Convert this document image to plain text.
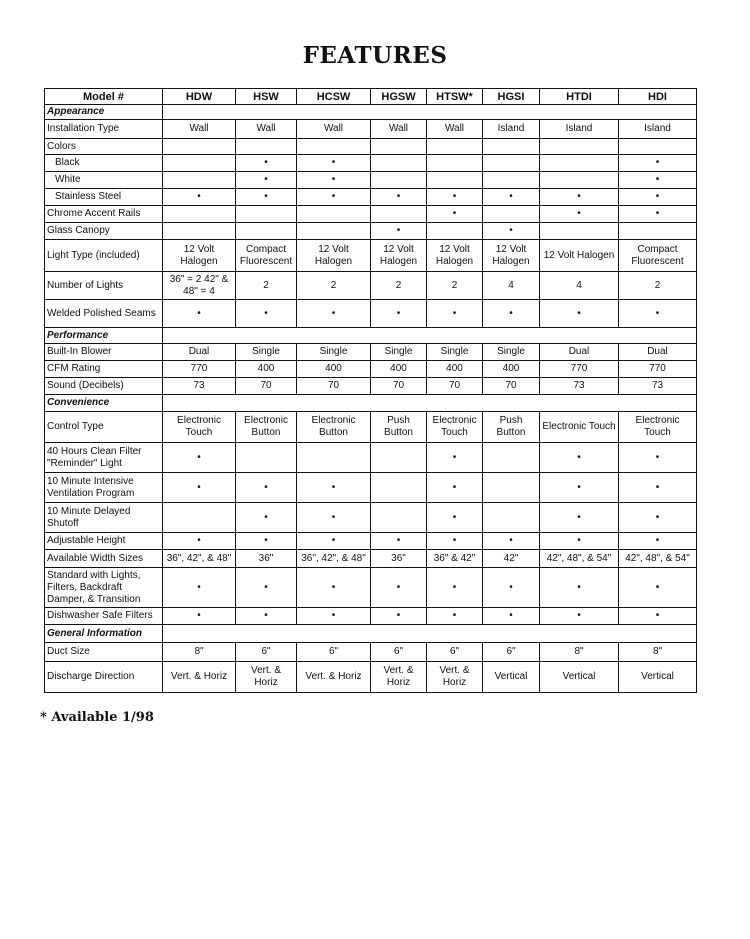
FEATURES
Model #	HDW	HSW	HCSW	HGSW	HTSW*	HGSI	HTDI	HDI
Appearance								
Installation Type	Wall	Wall	Wall	Wall	Wall	Island	Island	Island
Colors								
Black		•	•					•
White		•	•					•
Stainless Steel	•	•	•	•	•	•	•	•
Chrome Accent Rails					•		•	•
Glass Canopy				•		•		
Light Type (included)	12 Volt Halogen	Compact Fluorescent	12 Volt Halogen	12 Volt Halogen	12 Volt Halogen	12 Volt Halogen	12 Volt Halogen	Compact Fluorescent
Number of Lights	36" = 2 42" & 48" = 4	2	2	2	2	4	4	2
Welded Polished Seams	•	•	•	•	•	•	•	•
Performance								
Built-In Blower	Dual	Single	Single	Single	Single	Single	Dual	Dual
CFM Rating	770	400	400	400	400	400	770	770
Sound (Decibels)	73	70	70	70	70	70	73	73
Convenience								
Control Type	Electronic Touch	Electronic Button	Electronic Button	Push Button	Electronic Touch	Push Button	Electronic Touch	Electronic Touch
40 Hours Clean Filter "Reminder" Light	•				•		•	•
10 Minute Intensive Ventilation Program	•	•	•		•		•	•
10 Minute Delayed Shutoff		•	•		•		•	•
Adjustable Height	•	•	•	•	•	•	•	•
Available Width Sizes	36", 42", & 48"	36"	36", 42", & 48"	36"	36" & 42"	42"	42", 48", & 54"	42", 48", & 54"
Standard with Lights, Filters, Backdraft Damper, & Transition	•	•	•	•	•	•	•	•
Dishwasher Safe Filters	•	•	•	•	•	•	•	•
General Information								
Duct Size	8"	6"	6"	6"	6"	6"	8"	8"
Discharge Direction	Vert. & Horiz	Vert. & Horiz	Vert. & Horiz	Vert. & Horiz	Vert. & Horiz	Vertical	Vertical	Vertical
* Available 1/98
